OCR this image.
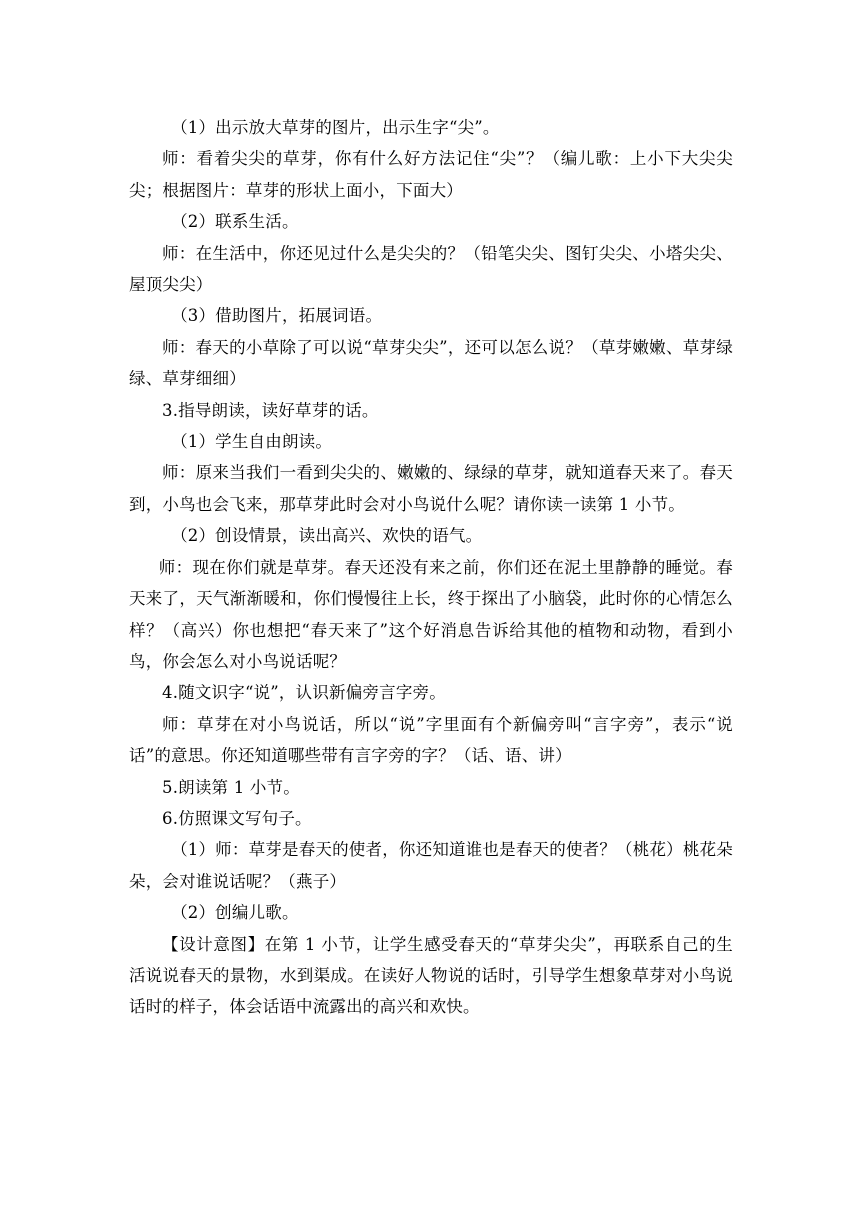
（1）出示放大草芽的图片，出示生字“尖”。

师：看着尖尖的草芽，你有什么好方法记住“尖”？（编儿歌：上小下大尖尖尖；根据图片：草芽的形状上面小，下面大）

（2）联系生活。

师：在生活中，你还见过什么是尖尖的？（铅笔尖尖、图钉尖尖、小塔尖尖、屋顶尖尖）

（3）借助图片，拓展词语。

师：春天的小草除了可以说“草芽尖尖”，还可以怎么说？（草芽嫩嫩、草芽绿绿、草芽细细）

3.指导朗读，读好草芽的话。

（1）学生自由朗读。

师：原来当我们一看到尖尖的、嫩嫩的、绿绿的草芽，就知道春天来了。春天到，小鸟也会飞来，那草芽此时会对小鸟说什么呢？请你读一读第 1 小节。

（2）创设情景，读出高兴、欢快的语气。

师：现在你们就是草芽。春天还没有来之前，你们还在泥土里静静的睡觉。春天来了，天气渐渐暖和，你们慢慢往上长，终于探出了小脑袋，此时你的心情怎么样？（高兴）你也想把“春天来了”这个好消息告诉给其他的植物和动物，看到小鸟，你会怎么对小鸟说话呢？

4.随文识字“说”，认识新偏旁言字旁。

师：草芽在对小鸟说话，所以“说”字里面有个新偏旁叫“言字旁”，表示“说话”的意思。你还知道哪些带有言字旁的字？（话、语、讲）

5.朗读第 1 小节。

6.仿照课文写句子。

（1）师：草芽是春天的使者，你还知道谁也是春天的使者？（桃花）桃花朵朵，会对谁说话呢？（燕子）

（2）创编儿歌。

【设计意图】在第 1 小节，让学生感受春天的“草芽尖尖”，再联系自己的生活说说春天的景物，水到渠成。在读好人物说的话时，引导学生想象草芽对小鸟说话时的样子，体会话语中流露出的高兴和欢快。
